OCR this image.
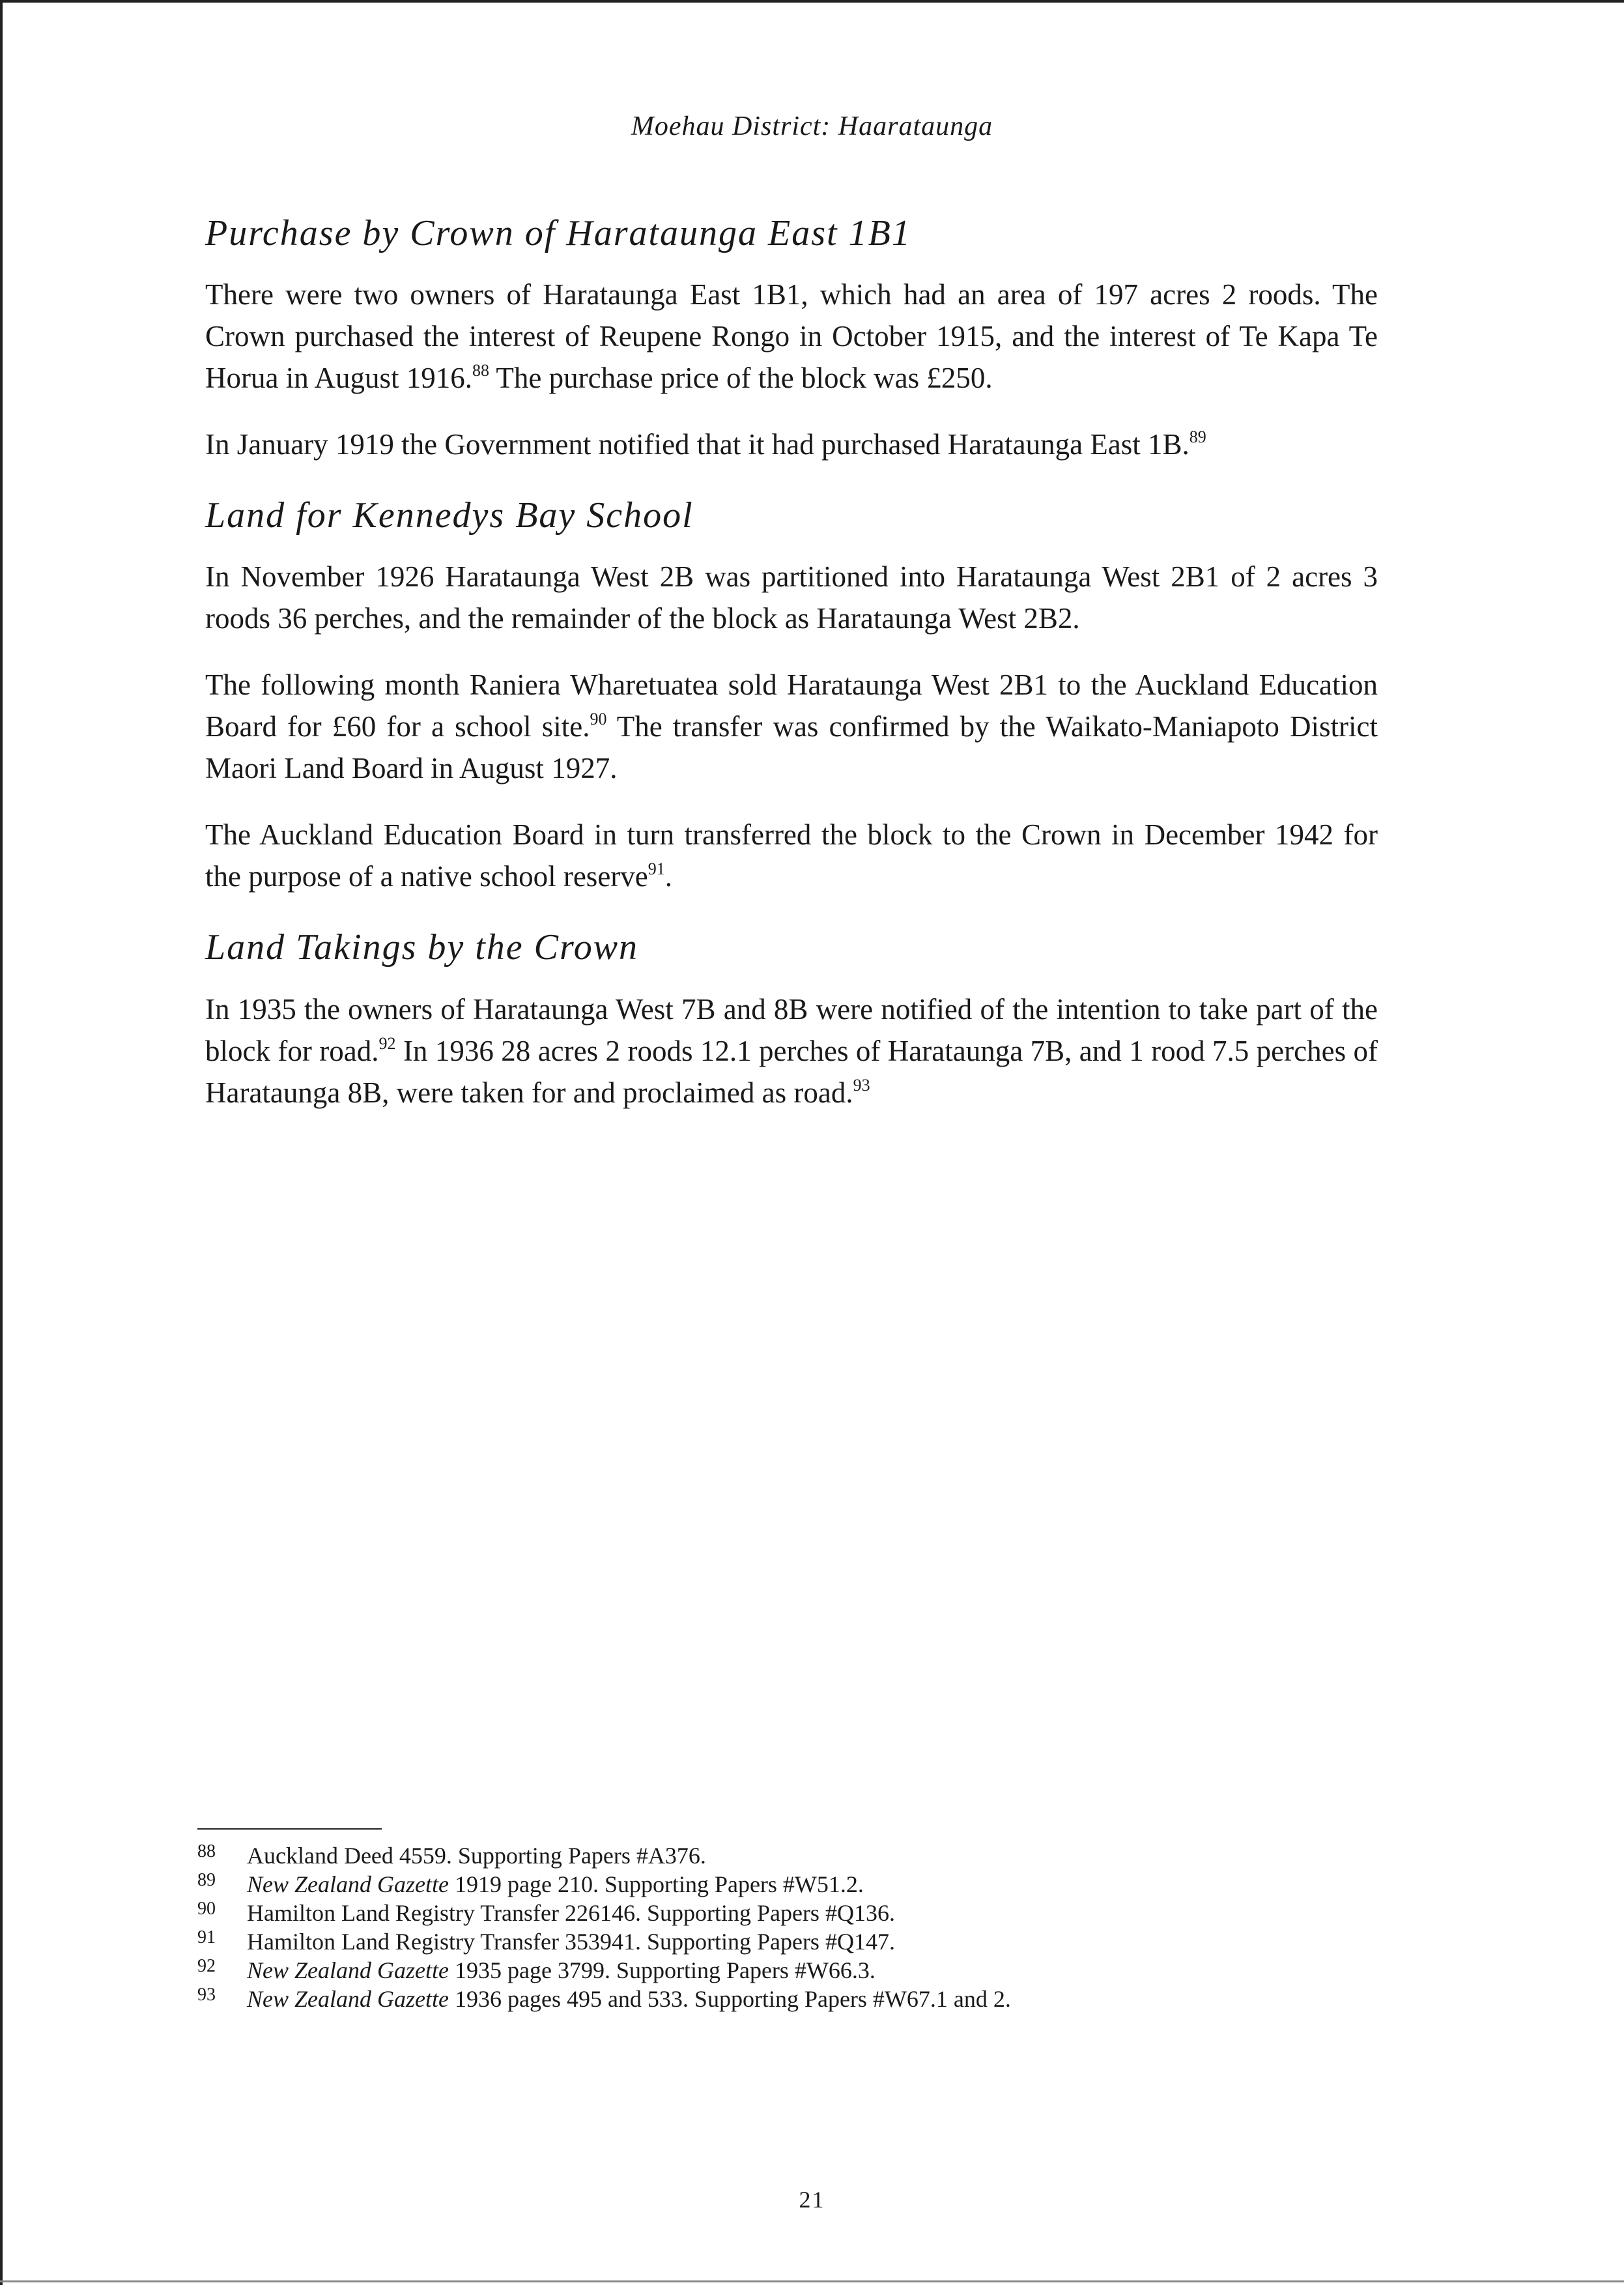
Moehau District: Haarataunga
Purchase by Crown of Harataunga East 1B1

There were two owners of Harataunga East 1B1, which had an area of 197 acres 2 roods. The Crown purchased the interest of Reupene Rongo in October 1915, and the interest of Te Kapa Te Horua in August 1916.88 The purchase price of the block was £250.

In January 1919 the Government notified that it had purchased Harataunga East 1B.$^{89}$

Land for Kennedys Bay School

In November 1926 Harataunga West 2B was partitioned into Harataunga West 2B1 of 2 acres 3 roods 36 perches, and the remainder of the block as Harataunga West 2B2.

The following month Raniera Wharetuatea sold Harataunga West 2B1 to the Auckland Education Board for £60 for a school site.$^{90}$ The transfer was confirmed by the Waikato-Maniapoto District Maori Land Board in August 1927.

The Auckland Education Board in turn transferred the block to the Crown in December 1942 for the purpose of a native school reserve$^{91}$.

Land Takings by the Crown

In 1935 the owners of Harataunga West 7B and 8B were notified of the intention to take part of the block for road.$^{92}$ In 1936 28 acres 2 roods 12.1 perches of Harataunga 7B, and 1 rood 7.5 perches of Harataunga 8B, were taken for and proclaimed as road.$^{93}$

88	Auckland Deed 4559. Supporting Papers #A376.
89	New Zealand Gazette 1919 page 210. Supporting Papers #W51.2.
90	Hamilton Land Registry Transfer 226146. Supporting Papers #Q136.
91	Hamilton Land Registry Transfer 353941. Supporting Papers #Q147.
92	New Zealand Gazette 1935 page 3799. Supporting Papers #W66.3.
93	New Zealand Gazette 1936 pages 495 and 533. Supporting Papers #W67.1 and 2.
21
